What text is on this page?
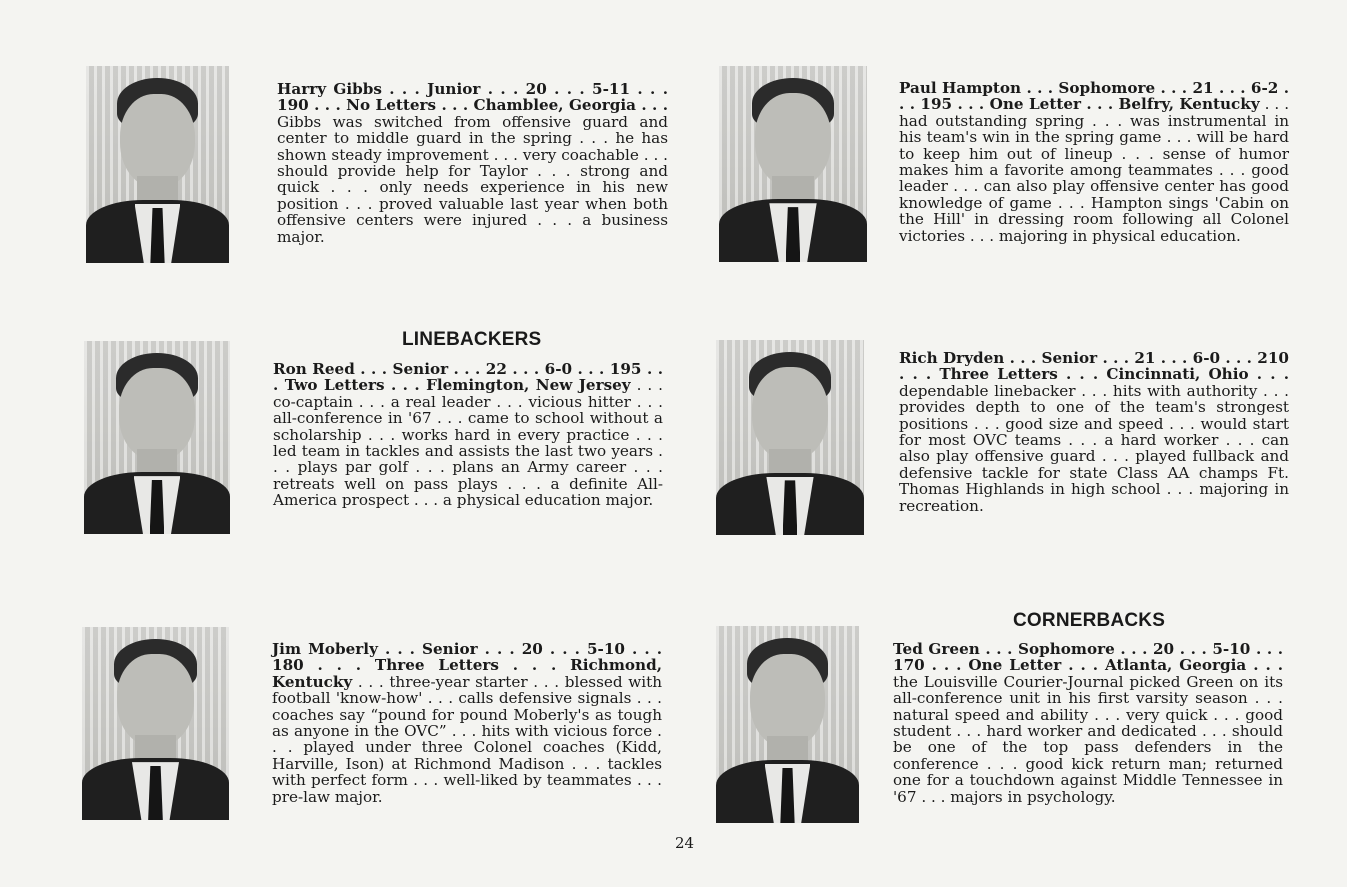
LINEBACKERS
CORNERBACKS

Harry Gibbs . . . Junior . . . 20 . . . 5-11 . . . 190 . . . No Letters . . . Chamblee, Georgia . . . Gibbs was switched from offensive guard and center to middle guard in the spring . . . he has shown steady improvement . . . very coachable . . . should provide help for Taylor . . . strong and quick . . . only needs experience in his new position . . . proved valuable last year when both offensive centers were injured . . . a business major.

Paul Hampton . . . Sophomore . . . 21 . . . 6-2 . . . 195 . . . One Letter . . . Belfry, Kentucky . . . had outstanding spring . . . was instrumental in his team's win in the spring game . . . will be hard to keep him out of lineup . . . sense of humor makes him a favorite among teammates . . . good leader . . . can also play offensive center has good knowledge of game . . . Hampton sings 'Cabin on the Hill' in dressing room following all Colonel victories . . . majoring in physical education.

Ron Reed . . . Senior . . . 22 . . . 6-0 . . . 195 . . . Two Letters . . . Flemington, New Jersey . . . co-captain . . . a real leader . . . vicious hitter . . . all-conference in '67 . . . came to school without a scholarship . . . works hard in every practice . . . led team in tackles and assists the last two years . . . plays par golf . . . plans an Army career . . . retreats well on pass plays . . . a definite All-America prospect . . . a physical education major.

Rich Dryden . . . Senior . . . 21 . . . 6-0 . . . 210 . . . Three Letters . . . Cincinnati, Ohio . . . dependable linebacker . . . hits with authority . . . provides depth to one of the team's strongest positions . . . good size and speed . . . would start for most OVC teams . . . a hard worker . . . can also play offensive guard . . . played fullback and defensive tackle for state Class AA champs Ft. Thomas Highlands in high school . . . majoring in recreation.

Jim Moberly . . . Senior . . . 20 . . . 5-10 . . . 180 . . . Three Letters . . . Richmond, Kentucky . . . three-year starter . . . blessed with football 'know-how' . . . calls defensive signals . . . coaches say “pound for pound Moberly's as tough as anyone in the OVC” . . . hits with vicious force . . . played under three Colonel coaches (Kidd, Harville, Ison) at Richmond Madison . . . tackles with perfect form . . . well-liked by teammates . . . pre-law major.

Ted Green . . . Sophomore . . . 20 . . . 5-10 . . . 170 . . . One Letter . . . Atlanta, Georgia . . . the Louisville Courier-Journal picked Green on its all-conference unit in his first varsity season . . . natural speed and ability . . . very quick . . . good student . . . hard worker and dedicated . . . should be one of the top pass defenders in the conference . . . good kick return man; returned one for a touchdown against Middle Tennessee in '67 . . . majors in psychology.

24
